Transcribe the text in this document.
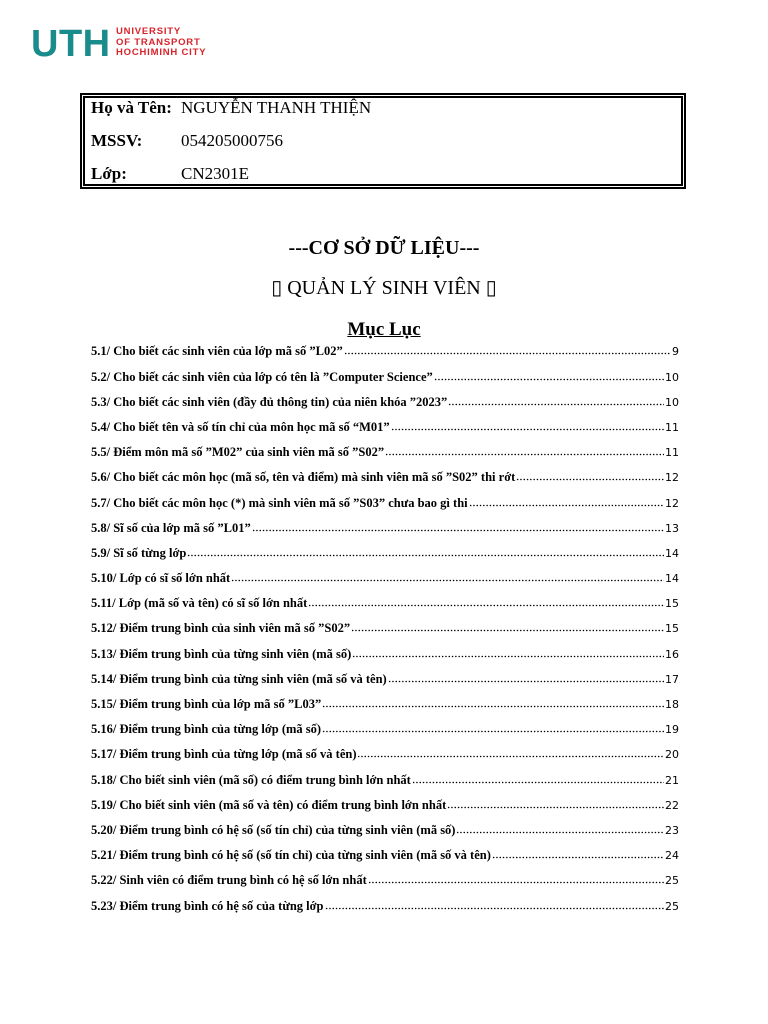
UTH UNIVERSITY
OF TRANSPORT
HOCHIMINH CITY
Họ và Tên: NGUYỄN THANH THIỆN
MSSV:	054205000756
Lớp:	CN2301E
---CƠ SỞ DỮ LIỆU---
▯ QUẢN LÝ SINH VIÊN ▯
Mục Lục
5.1/ Cho biết các sinh viên của lớp mã số ”L02”	9
5.2/ Cho biết các sinh viên của lớp có tên là ”Computer Science”	10
5.3/ Cho biết các sinh viên (đầy đủ thông tin) của niên khóa ”2023”	10
5.4/ Cho biết tên và số tín chỉ của môn học mã số “M01”	11
5.5/ Điểm môn mã số ”M02” của sinh viên mã số ”S02”	11
5.6/ Cho biết các môn học (mã số, tên và điểm) mà sinh viên mã số ”S02” thi rớt	12
5.7/ Cho biết các môn học (*) mà sinh viên mã số ”S03” chưa bao gì thi	12
5.8/ Sĩ số của lớp mã số ”L01”	13
5.9/ Sĩ số từng lớp	14
5.10/ Lớp có sĩ số lớn nhất	14
5.11/ Lớp (mã số và tên) có sĩ số lớn nhất	15
5.12/ Điểm trung bình của sinh viên mã số ”S02”	15
5.13/ Điểm trung bình của từng sinh viên (mã số)	16
5.14/ Điểm trung bình của từng sinh viên (mã số và tên)	17
5.15/ Điểm trung bình của lớp mã số ”L03”	18
5.16/ Điểm trung bình của từng lớp (mã số)	19
5.17/ Điểm trung bình của từng lớp (mã số và tên)	20
5.18/ Cho biết sinh viên (mã số) có điểm trung bình lớn nhất	21
5.19/ Cho biết sinh viên (mã số và tên) có điểm trung bình lớn nhất	22
5.20/ Điểm trung bình có hệ số (số tín chỉ) của từng sinh viên (mã số)	23
5.21/ Điểm trung bình có hệ số (số tín chỉ) của từng sinh viên (mã số và tên)	24
5.22/ Sinh viên có điểm trung bình có hệ số lớn nhất	25
5.23/ Điểm trung bình có hệ số của từng lớp	25
